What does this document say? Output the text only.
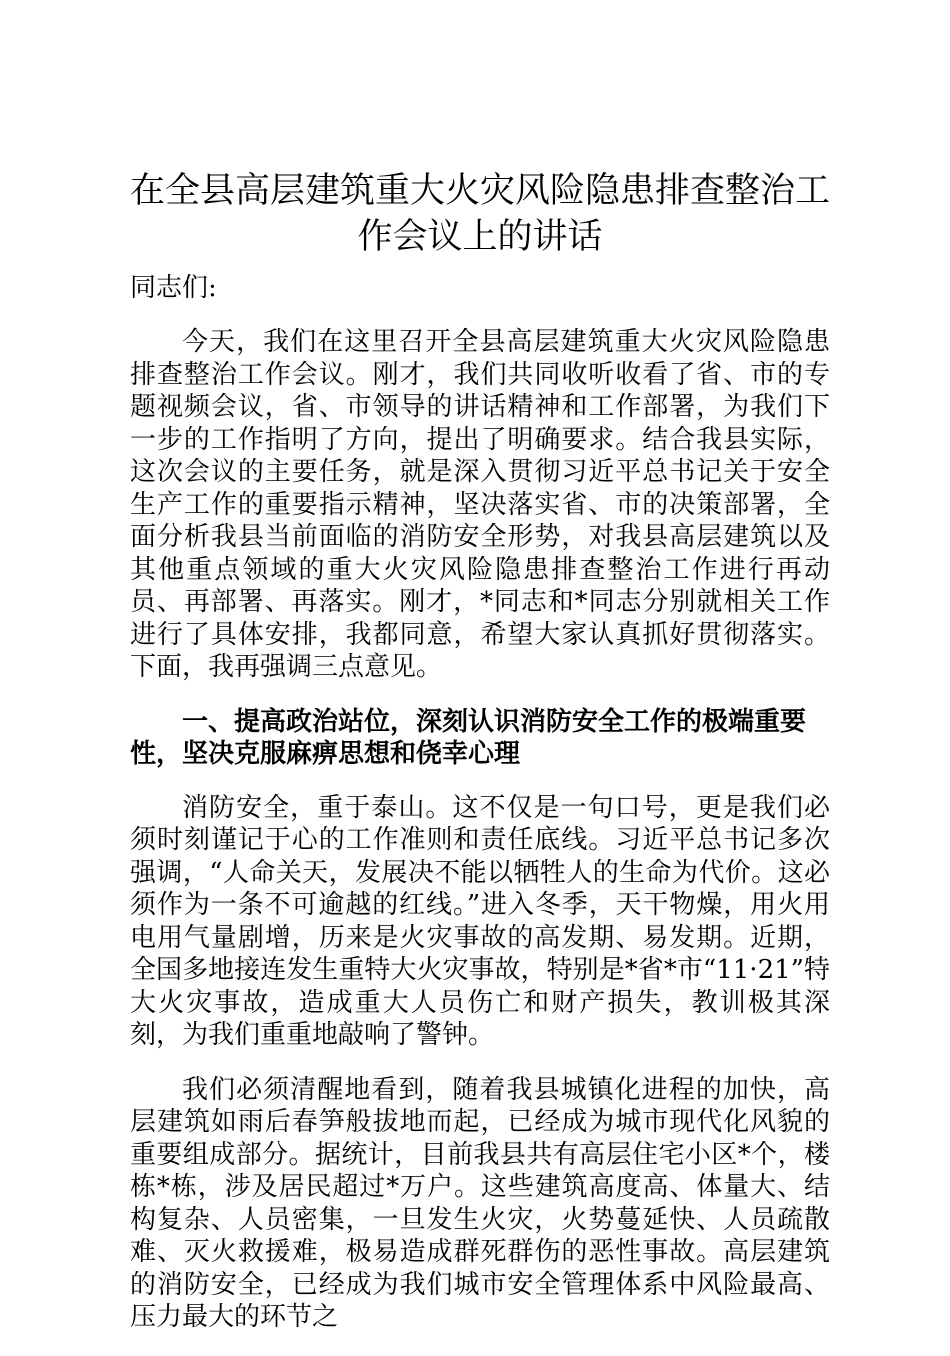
在全县高层建筑重大火灾风险隐患排查整治工作会议上的讲话

同志们:

今天，我们在这里召开全县高层建筑重大火灾风险隐患排查整治工作会议。刚才，我们共同收听收看了省、市的专题视频会议，省、市领导的讲话精神和工作部署，为我们下一步的工作指明了方向，提出了明确要求。结合我县实际，这次会议的主要任务，就是深入贯彻习近平总书记关于安全生产工作的重要指示精神，坚决落实省、市的决策部署，全面分析我县当前面临的消防安全形势，对我县高层建筑以及其他重点领域的重大火灾风险隐患排查整治工作进行再动员、再部署、再落实。刚才，*同志和*同志分别就相关工作进行了具体安排，我都同意，希望大家认真抓好贯彻落实。下面，我再强调三点意见。

一、提高政治站位，深刻认识消防安全工作的极端重要性，坚决克服麻痹思想和侥幸心理

消防安全，重于泰山。这不仅是一句口号，更是我们必须时刻谨记于心的工作准则和责任底线。习近平总书记多次强调，“人命关天，发展决不能以牺牲人的生命为代价。这必须作为一条不可逾越的红线。”进入冬季，天干物燥，用火用电用气量剧增，历来是火灾事故的高发期、易发期。近期，全国多地接连发生重特大火灾事故，特别是*省*市“11·21”特大火灾事故，造成重大人员伤亡和财产损失，教训极其深刻，为我们重重地敲响了警钟。

我们必须清醒地看到，随着我县城镇化进程的加快，高层建筑如雨后春笋般拔地而起，已经成为城市现代化风貌的重要组成部分。据统计，目前我县共有高层住宅小区*个，楼栋*栋，涉及居民超过*万户。这些建筑高度高、体量大、结构复杂、人员密集，一旦发生火灾，火势蔓延快、人员疏散难、灭火救援难，极易造成群死群伤的恶性事故。高层建筑的消防安全，已经成为我们城市安全管理体系中风险最高、压力最大的环节之
